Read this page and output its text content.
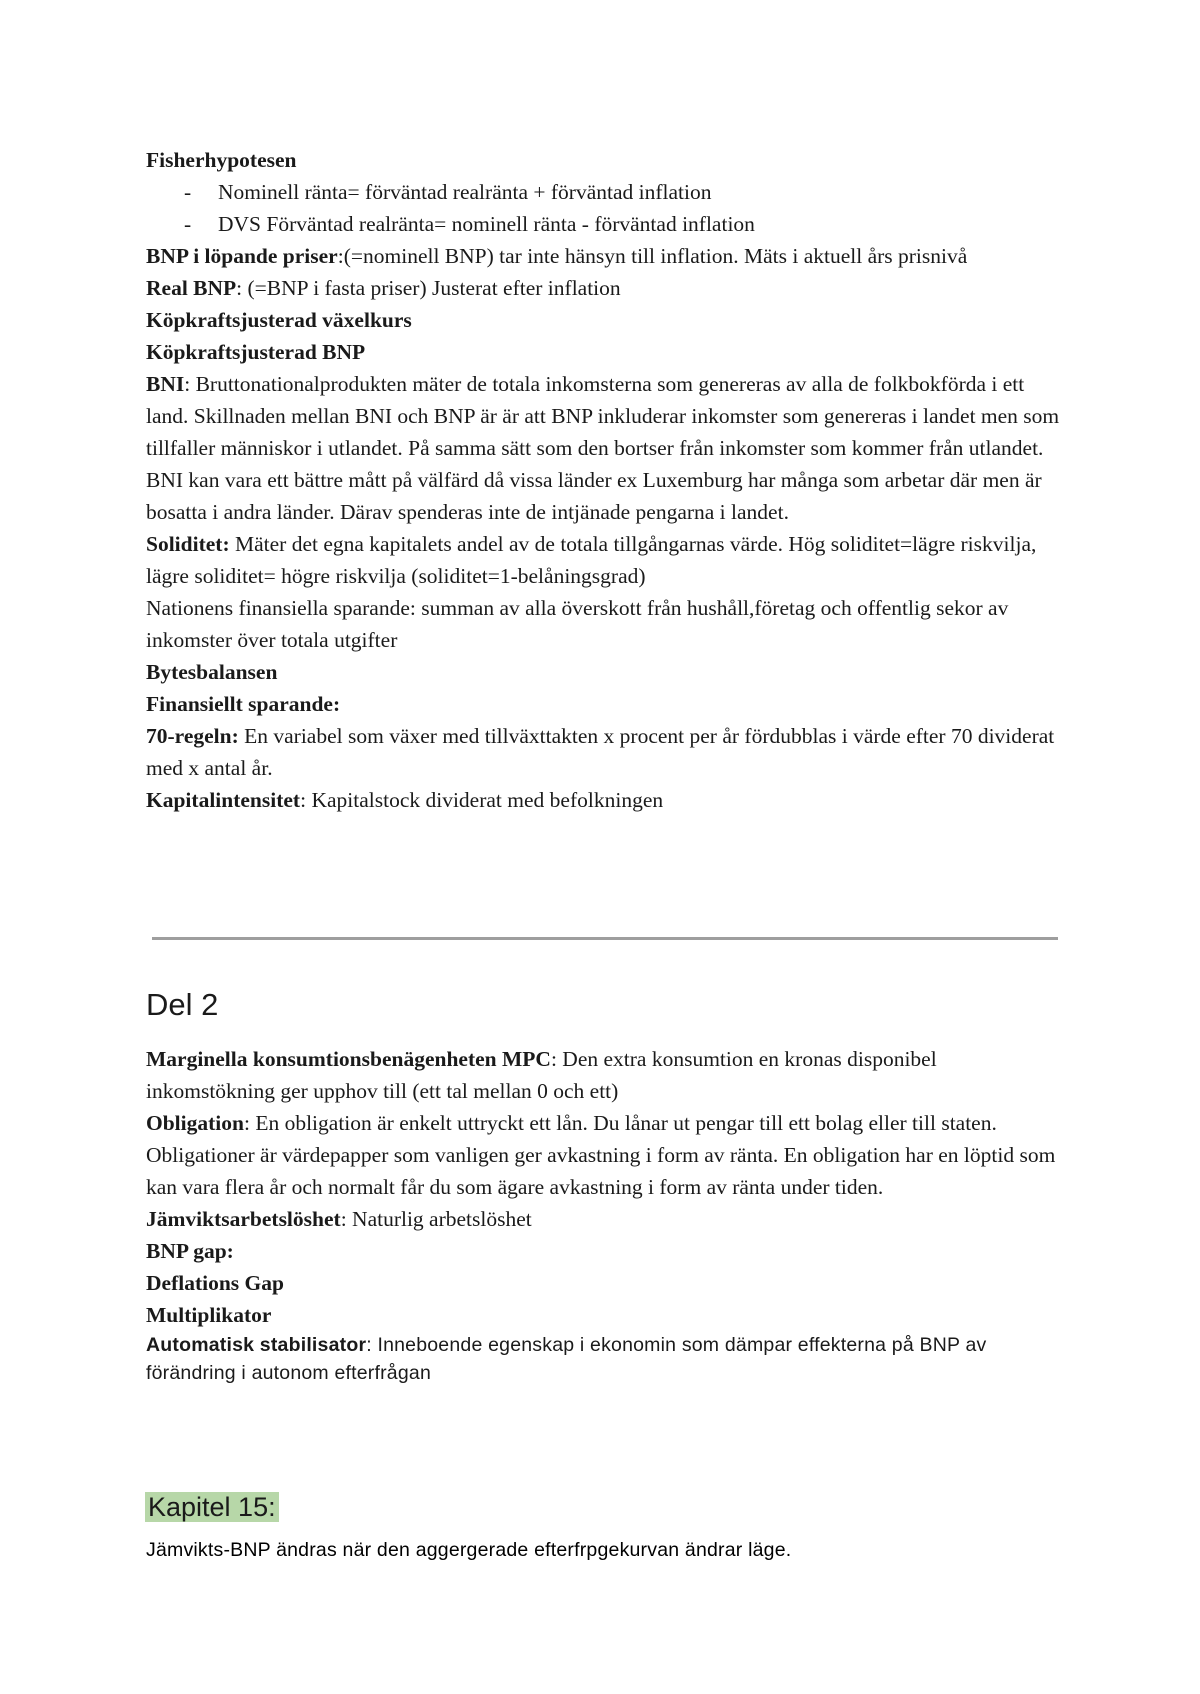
Fisherhypotesen

- Nominell ränta= förväntad realränta + förväntad inflation
- DVS Förväntad realränta= nominell ränta - förväntad inflation

BNP i löpande priser:(=nominell BNP) tar inte hänsyn till inflation. Mäts i aktuell års prisnivå

Real BNP: (=BNP i fasta priser) Justerat efter inflation

Köpkraftsjusterad växelkurs

Köpkraftsjusterad BNP

BNI: Bruttonationalprodukten mäter de totala inkomsterna som genereras av alla de folkbokförda i ett land. Skillnaden mellan BNI och BNP är är att BNP inkluderar inkomster som genereras i landet men som tillfaller människor i utlandet. På samma sätt som den bortser från inkomster som kommer från utlandet. BNI kan vara ett bättre mått på välfärd då vissa länder ex Luxemburg har många som arbetar där men är bosatta i andra länder. Därav spenderas inte de intjänade pengarna i landet.

Soliditet: Mäter det egna kapitalets andel av de totala tillgångarnas värde. Hög soliditet=lägre riskvilja, lägre soliditet= högre riskvilja (soliditet=1-belåningsgrad)

Nationens finansiella sparande: summan av alla överskott från hushåll,företag och offentlig sekor av inkomster över totala utgifter

Bytesbalansen

Finansiellt sparande:

70-regeln: En variabel som växer med tillväxttakten x procent per år fördubblas i värde efter 70 dividerat med x antal år.

Kapitalintensitet: Kapitalstock dividerat med befolkningen

Del 2

Marginella konsumtionsbenägenheten MPC: Den extra konsumtion en kronas disponibel inkomstökning ger upphov till (ett tal mellan 0 och ett)

Obligation: En obligation är enkelt uttryckt ett lån. Du lånar ut pengar till ett bolag eller till staten. Obligationer är värdepapper som vanligen ger avkastning i form av ränta. En obligation har en löptid som kan vara flera år och normalt får du som ägare avkastning i form av ränta under tiden.

Jämviktsarbetslöshet: Naturlig arbetslöshet

BNP gap:

Deflations Gap

Multiplikator

Automatisk stabilisator: Inneboende egenskap i ekonomin som dämpar effekterna på BNP av förändring i autonom efterfrågan

Kapitel 15:

Jämvikts-BNP ändras när den aggergerade efterfrpgekurvan ändrar läge.
